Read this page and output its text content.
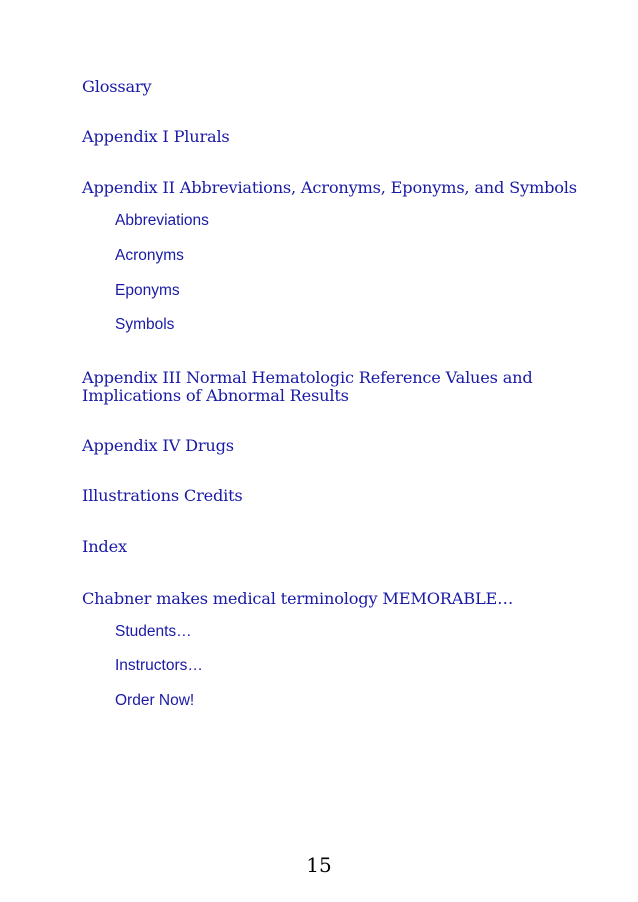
Glossary
Appendix I Plurals
Appendix II Abbreviations, Acronyms, Eponyms, and Symbols
Abbreviations
Acronyms
Eponyms
Symbols
Appendix III Normal Hematologic Reference Values and
Implications of Abnormal Results
Appendix IV Drugs
Illustrations Credits
Index
Chabner makes medical terminology MEMORABLE…
Students…
Instructors…
Order Now!
15
